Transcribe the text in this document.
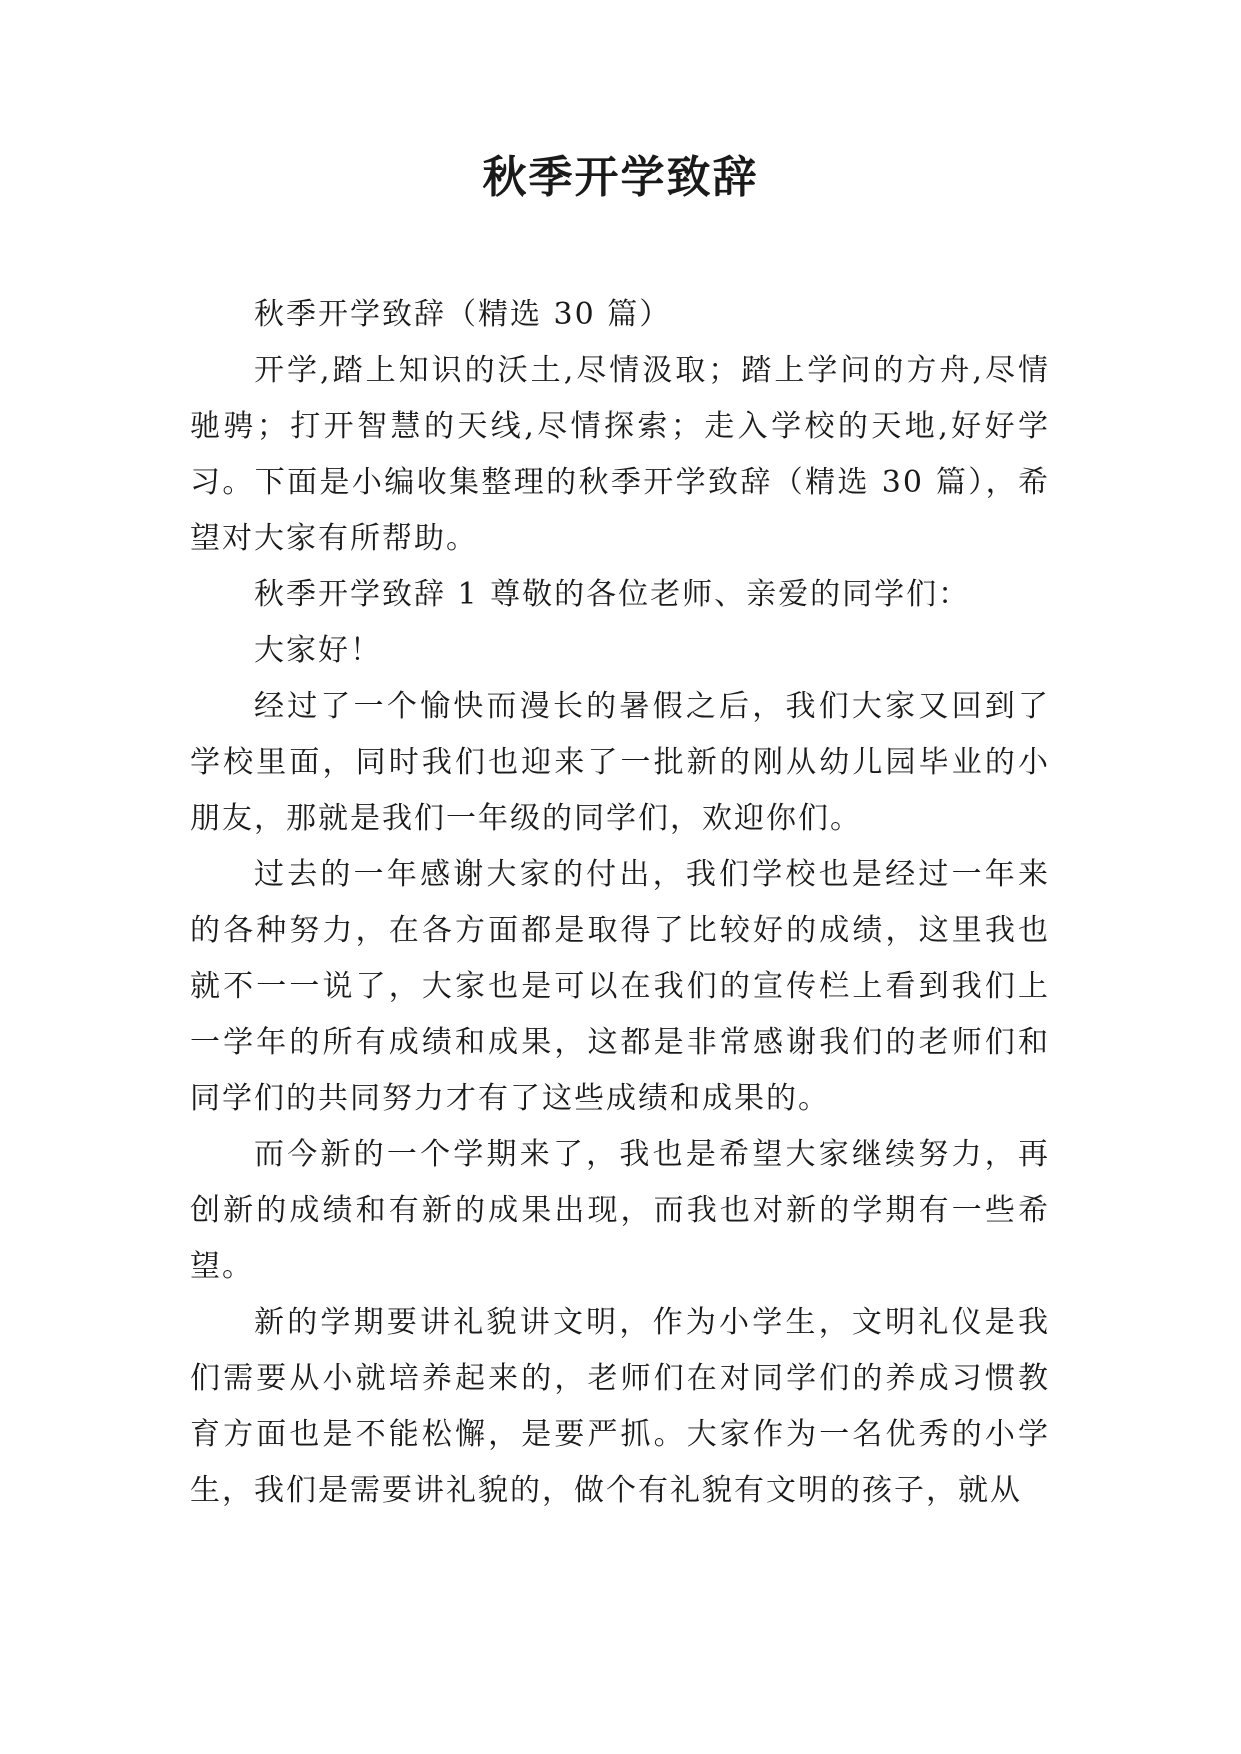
秋季开学致辞

秋季开学致辞（精选 30 篇）

开学,踏上知识的沃土,尽情汲取；踏上学问的方舟,尽情驰骋；打开智慧的天线,尽情探索；走入学校的天地,好好学习。下面是小编收集整理的秋季开学致辞（精选 30 篇），希望对大家有所帮助。

秋季开学致辞 1 尊敬的各位老师、亲爱的同学们：

大家好！

经过了一个愉快而漫长的暑假之后，我们大家又回到了学校里面，同时我们也迎来了一批新的刚从幼儿园毕业的小朋友，那就是我们一年级的同学们，欢迎你们。

过去的一年感谢大家的付出，我们学校也是经过一年来的各种努力，在各方面都是取得了比较好的成绩，这里我也就不一一说了，大家也是可以在我们的宣传栏上看到我们上一学年的所有成绩和成果，这都是非常感谢我们的老师们和同学们的共同努力才有了这些成绩和成果的。

而今新的一个学期来了，我也是希望大家继续努力，再创新的成绩和有新的成果出现，而我也对新的学期有一些希望。

新的学期要讲礼貌讲文明，作为小学生，文明礼仪是我们需要从小就培养起来的，老师们在对同学们的养成习惯教育方面也是不能松懈，是要严抓。大家作为一名优秀的小学生，我们是需要讲礼貌的，做个有礼貌有文明的孩子，就从
